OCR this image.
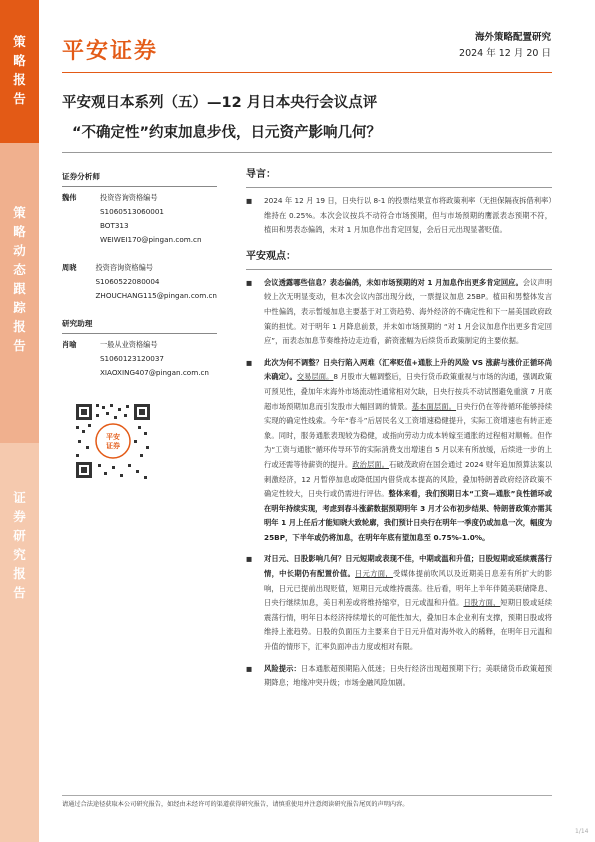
策
略
报
告
策
略
动
态
跟
踪
报
告
证
券
研
究
报
告
平安证券
海外策略配置研究
2024 年 12 月 20 日
平安观日本系列（五）—12 月日本央行会议点评
“不确定性”约束加息步伐，日元资产影响几何？
证券分析师
魏伟	投资咨询资格编号
S1060513060001
BOT313
WEIWEI170@pingan.com.cn
周晓	投资咨询资格编号
S1060522080004
ZHOUCHANG115@pingan.com.cn
研究助理
肖喻	一般从业资格编号
S1060123120037
XIAOXING407@pingan.com.cn
平安
证券
导言：
■ 2024 年 12 月 19 日，日央行以 8-1 的投票结果宣布将政策利率（无担保隔夜拆借利率）维持在 0.25%。本次会议按兵不动符合市场预期，但与市场预期的鹰派表态预期不符，植田和男表态偏鸽，未对 1 月加息作出肯定回复，会后日元出现显著贬值。
平安观点：
■ 会议透露哪些信息？表态偏鸽，未如市场预期的对 1 月加息作出更多肯定回应。会议声明较上次无明显变动，但本次会议内部出现分歧，一票提议加息 25BP。植田和男整体发言中性偏鸽，表示暂缓加息主要基于对工资趋势、海外经济的不确定性和下一届美国政府政策的担忧。对于明年 1 月降息前景，并未如市场预期的 “对 1 月会议加息作出更多肯定回应”，而表态加息节奏维持边走边看，薪资涨幅为后续货币政策制定的主要依据。
■ 此次为何不调整？日央行陷入两难（汇率贬值+通胀上升的风险 VS 涨薪与涨价正循环尚未确定）。交易层面。8 月股市大幅调整后，日央行货币政策重视与市场的沟通，强调政策可预见性，叠加年末海外市场流动性通常相对欠缺，日央行按兵不动试图避免重演 7 月底超市场预期加息而引发股市大幅回调的情景。基本面层面。日央行仍在等待循环能够持续实现的确定性线索。今年“春斗”后居民名义工资增速稳健提升，实际工资增速也有转正迹象。同时，服务通胀表现较为稳健，或指向劳动力成本转嫁至通胀的过程相对顺畅。但作为“工资与通胀”循环传导环节的实际消费支出增速自 5 月以来有所放缓，后续进一步的上行或还需等待薪资的提升。政治层面。石破茂政府在国会通过 2024 财年追加预算法案以刺激经济，12 月暂停加息或降低国内借贷成本提高的风险，叠加特朗普政府经济政策不确定性较大，日央行或仍需进行评估。整体来看，我们预期日本“工资—通胀”良性循环或在明年持续实现，考虑到春斗涨薪数据预期明年 3 月才公布初步结果、特朗普政策亦需其明年 1 月上任后才能知晓大致轮廓，我们预计日央行在明年一季度仍或加息一次，幅度为 25BP，下半年或仍将加息，在明年年底有望加息至 0.75%-1.0%。
■ 对日元、日股影响几何？日元短期或表现不佳，中期或温和升值；日股短期或延续震荡行情，中长期仍有配置价值。日元方面，受媒体提前吹风以及近期美日息差有所扩大的影响，日元已提前出现贬值，短期日元或维持震荡。往后看，明年上半年伴随美联储降息、日央行继续加息，美日利差或将维持缩窄，日元或温和升值。日股方面，短期日股或延续震荡行情，明年日本经济持续增长的可能性加大，叠加日本企业利有支撑，预期日股或将维持上涨趋势。日股的负面压力主要来自于日元升值对海外收入的稀释，在明年日元温和升值的情形下，汇率负面冲击力度或相对有限。
■ 风险提示：日本通胀超预期陷入低迷；日央行经济出现超预期下行；美联储货币政策超预期降息；地缘冲突升级；市场金融风险加剧。
请通过合法途径获取本公司研究报告，如经由未经许可的渠道获得研究报告，请慎重使用并注意阅读研究报告尾页的声明内容。
1/14
